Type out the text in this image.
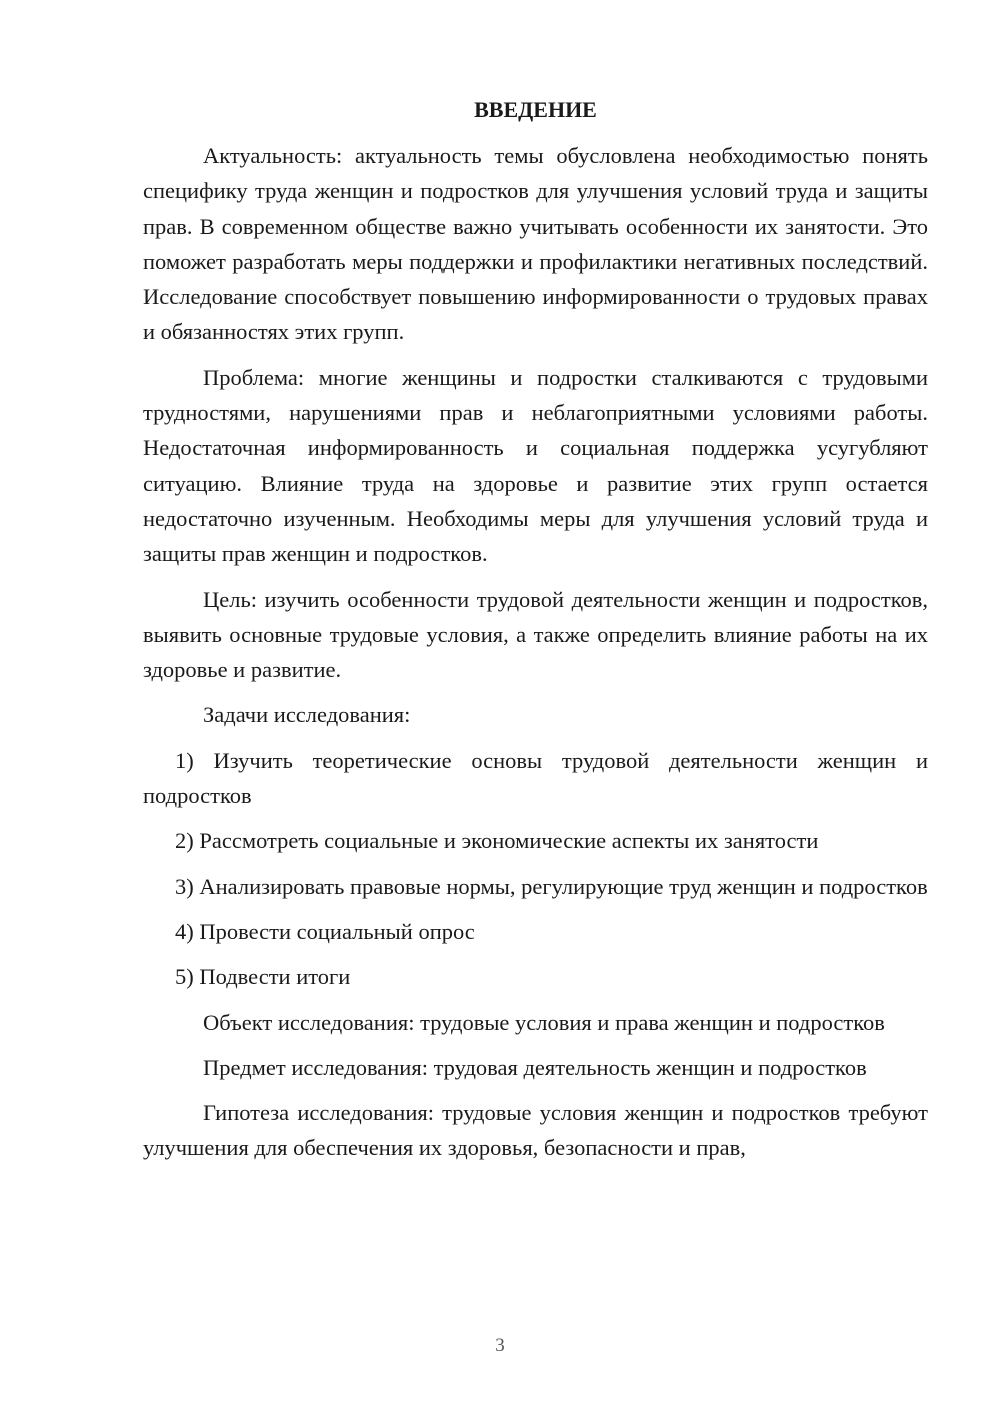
ВВЕДЕНИЕ

Актуальность: актуальность темы обусловлена необходимостью понять специфику труда женщин и подростков для улучшения условий труда и защиты прав. В современном обществе важно учитывать особенности их занятости. Это поможет разработать меры поддержки и профилактики негативных последствий. Исследование способствует повышению информированности о трудовых правах и обязанностях этих групп.

Проблема: многие женщины и подростки сталкиваются с трудовыми трудностями, нарушениями прав и неблагоприятными условиями работы. Недостаточная информированность и социальная поддержка усугубляют ситуацию. Влияние труда на здоровье и развитие этих групп остается недостаточно изученным. Необходимы меры для улучшения условий труда и защиты прав женщин и подростков.

Цель: изучить особенности трудовой деятельности женщин и подростков, выявить основные трудовые условия, а также определить влияние работы на их здоровье и развитие.

Задачи исследования:

1) Изучить теоретические основы трудовой деятельности женщин и подростков

2) Рассмотреть социальные и экономические аспекты их занятости

3) Анализировать правовые нормы, регулирующие труд женщин и подростков

4) Провести социальный опрос

5) Подвести итоги

Объект исследования: трудовые условия и права женщин и подростков

Предмет исследования: трудовая деятельность женщин и подростков

Гипотеза исследования: трудовые условия женщин и подростков требуют улучшения для обеспечения их здоровья, безопасности и прав,

3
